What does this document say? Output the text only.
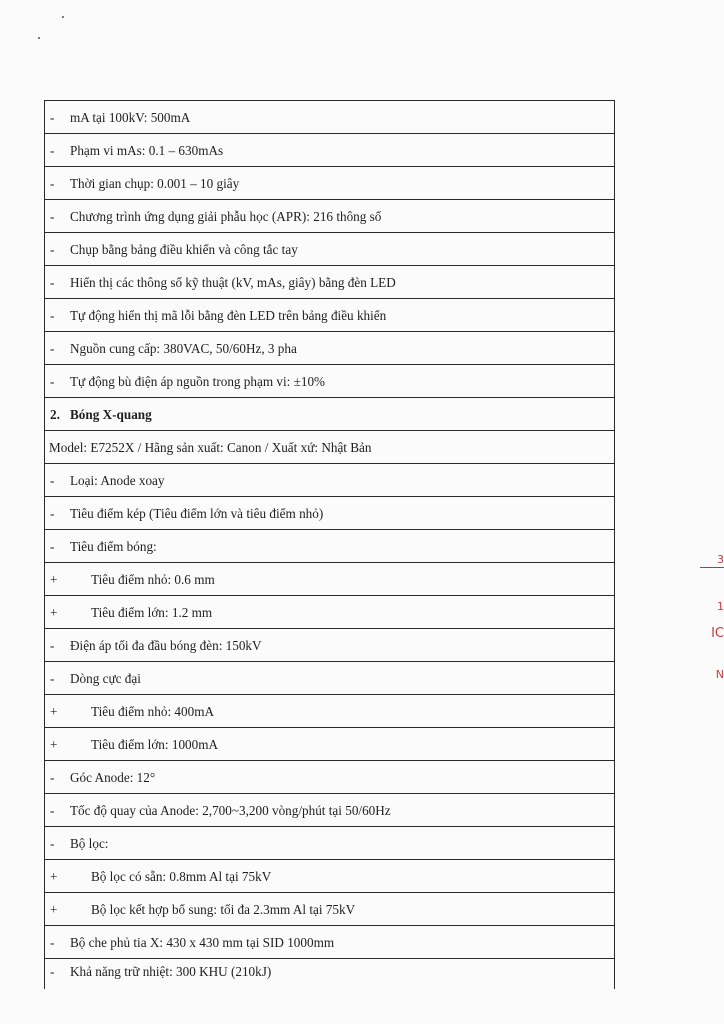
- mA tại 100kV: 500mA
- Phạm vi mAs: 0.1 – 630mAs
- Thời gian chụp: 0.001 – 10 giây
- Chương trình ứng dụng giải phẫu học (APR): 216 thông số
- Chụp bằng bảng điều khiển và công tắc tay
- Hiển thị các thông số kỹ thuật (kV, mAs, giây) bằng đèn LED
- Tự động hiển thị mã lỗi bằng đèn LED trên bảng điều khiển
- Nguồn cung cấp: 380VAC, 50/60Hz, 3 pha
- Tự động bù điện áp nguồn trong phạm vi: ±10%
2. Bóng X-quang
Model: E7252X / Hãng sản xuất: Canon / Xuất xứ: Nhật Bản
- Loại: Anode xoay
- Tiêu điểm kép (Tiêu điểm lớn và tiêu điểm nhỏ)
- Tiêu điểm bóng:
+	Tiêu điểm nhỏ: 0.6 mm
+	Tiêu điểm lớn: 1.2 mm
- Điện áp tối đa đầu bóng đèn: 150kV
- Dòng cực đại
+	Tiêu điểm nhỏ: 400mA
+	Tiêu điểm lớn: 1000mA
- Góc Anode: 12°
- Tốc độ quay của Anode: 2,700~3,200 vòng/phút tại 50/60Hz
- Bộ lọc:
+	Bộ lọc có sẵn: 0.8mm Al tại 75kV
+	Bộ lọc kết hợp bổ sung: tối đa 2.3mm Al tại 75kV
- Bộ che phủ tia X: 430 x 430 mm tại SID 1000mm
- Khả năng trữ nhiệt: 300 KHU (210kJ)
3
1
IC
N
